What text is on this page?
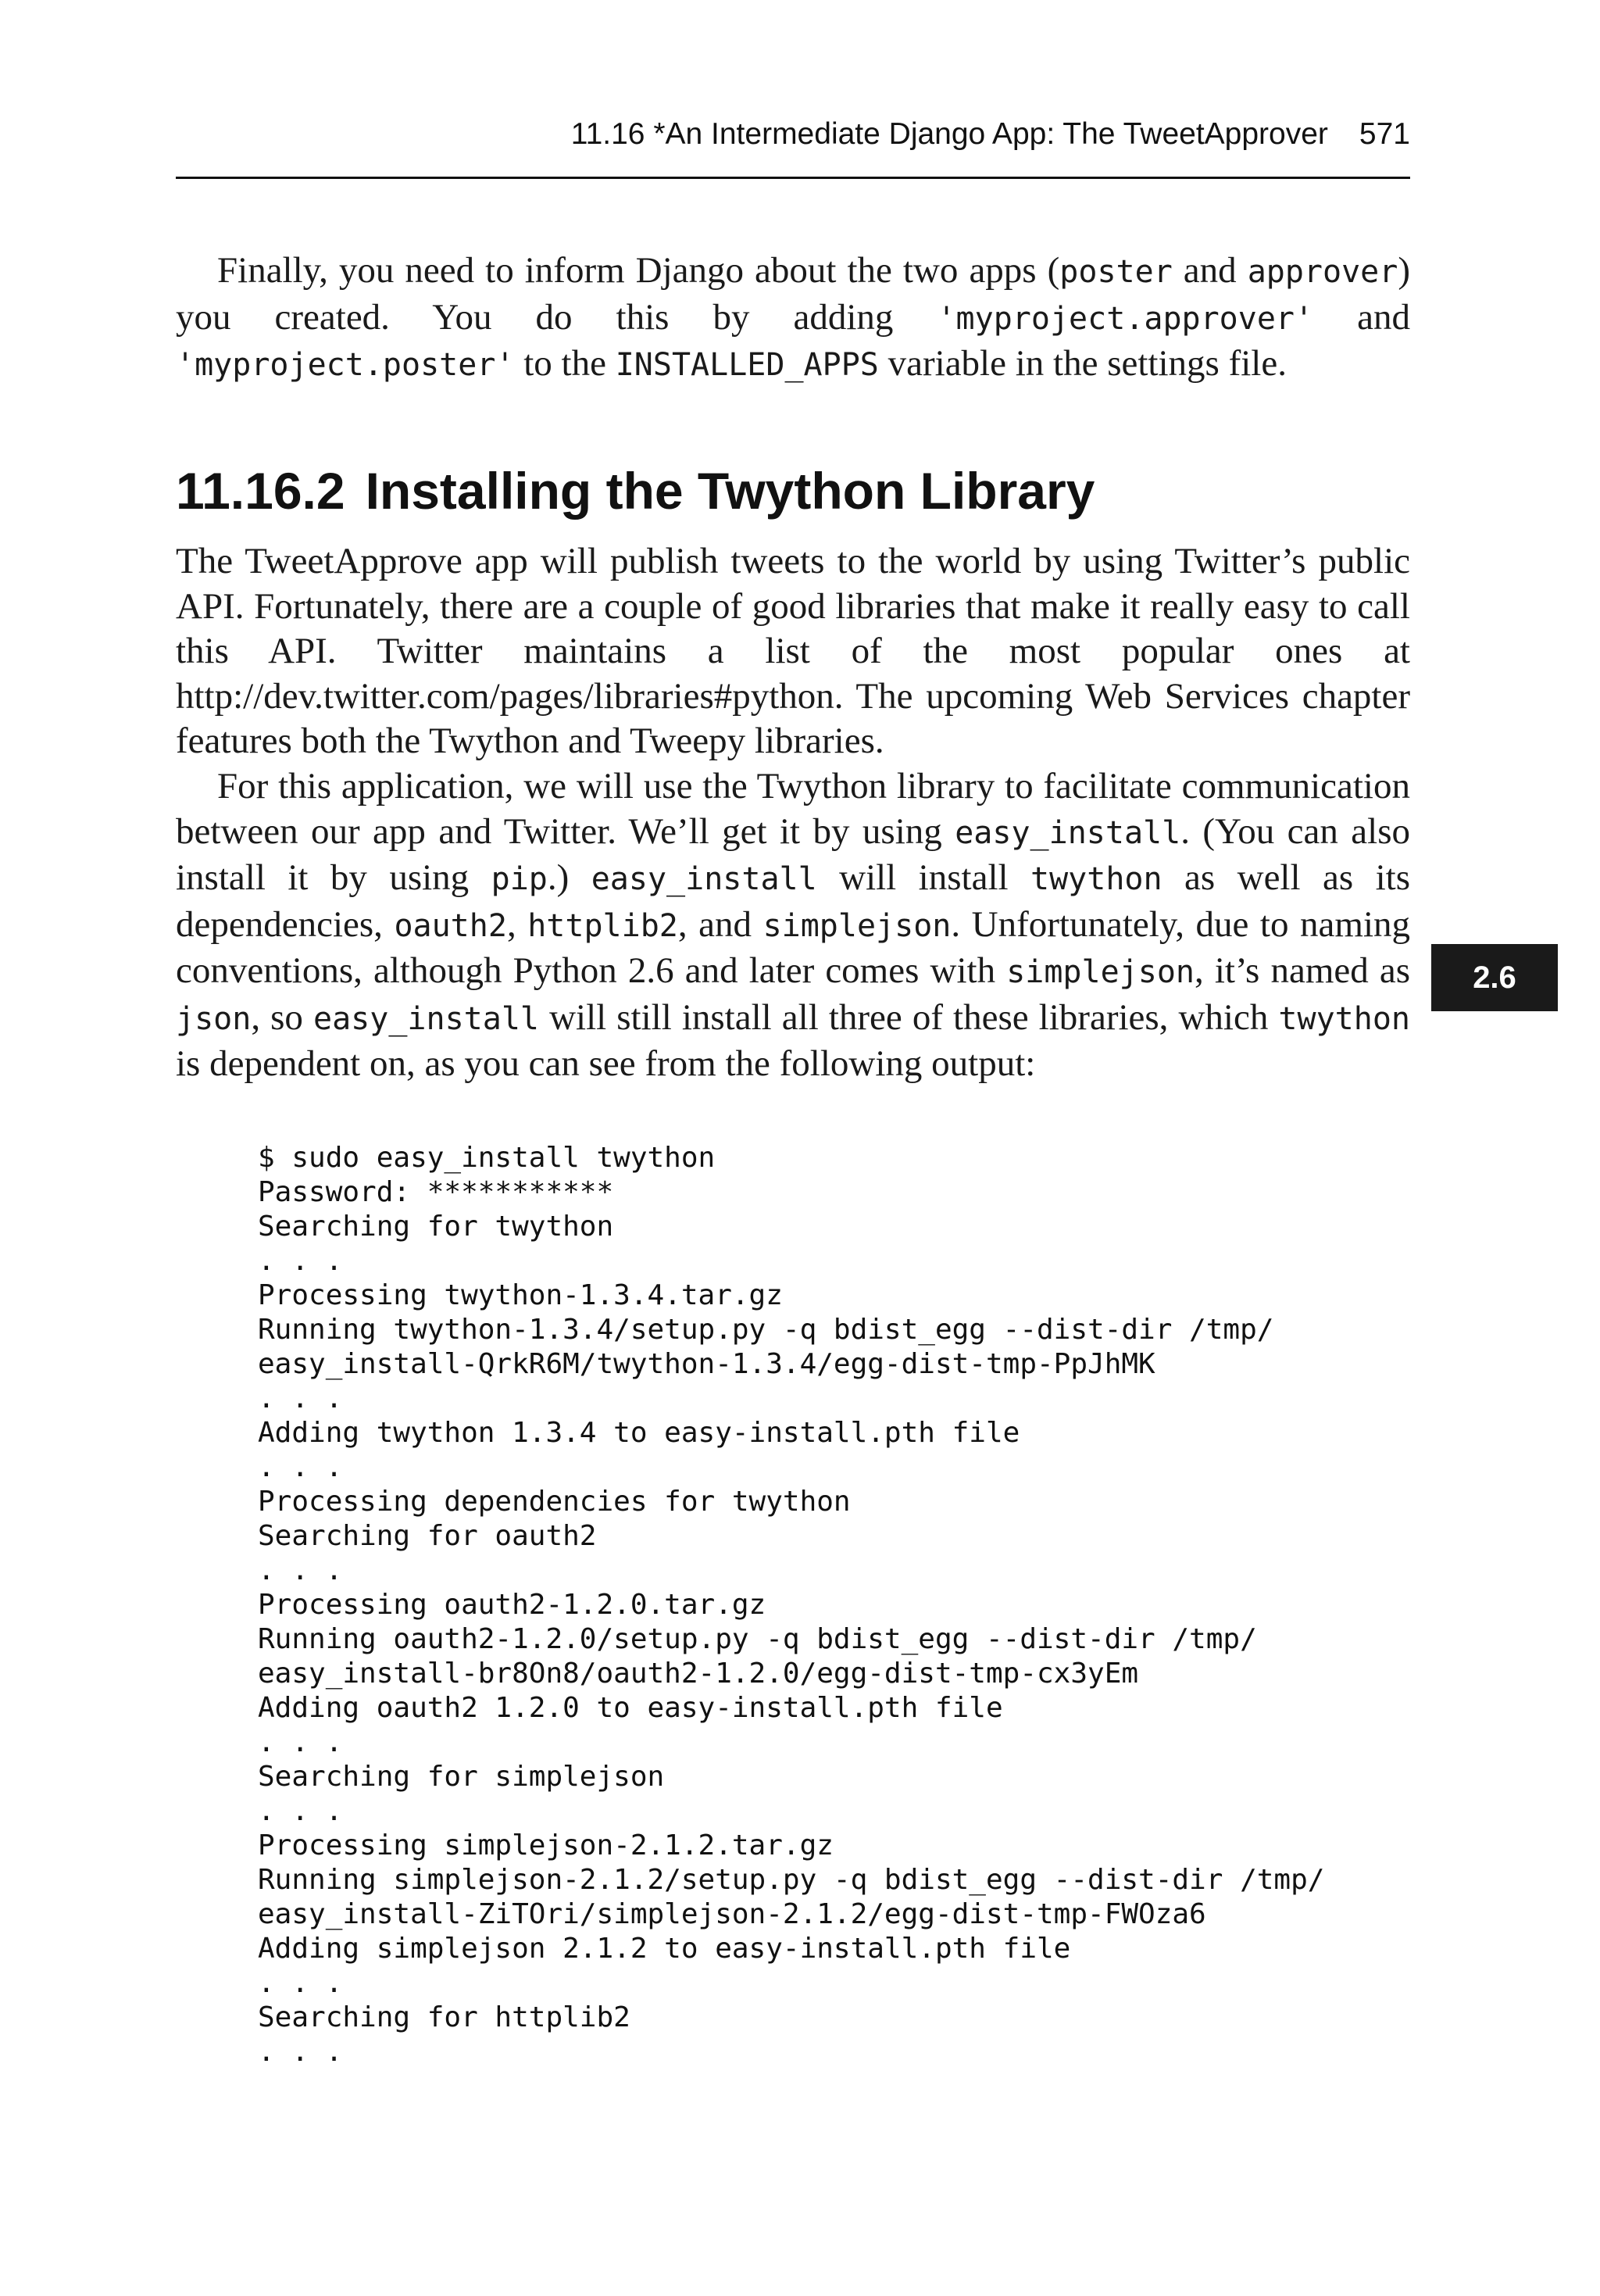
11.16 *An Intermediate Django App: The TweetApprover 571

Finally, you need to inform Django about the two apps (poster and approver) you created. You do this by adding 'myproject.approver' and 'myproject.poster' to the INSTALLED_APPS variable in the settings file.

11.16.2 Installing the Twython Library

The TweetApprove app will publish tweets to the world by using Twitter’s public API. Fortunately, there are a couple of good libraries that make it really easy to call this API. Twitter maintains a list of the most popular ones at http://dev.twitter.com/pages/libraries#python. The upcoming Web Services chapter features both the Twython and Tweepy libraries.

For this application, we will use the Twython library to facilitate communication between our app and Twitter. We’ll get it by using easy_install. (You can also install it by using pip.) easy_install will install twython as well as its dependencies, oauth2, httplib2, and simplejson. Unfortunately, due to naming conventions, although Python 2.6 and later comes with simplejson, it’s named as json, so easy_install will still install all three of these libraries, which twython is dependent on, as you can see from the following output:

$ sudo easy_install twython
Password: ***********
Searching for twython
. . .
Processing twython-1.3.4.tar.gz
Running twython-1.3.4/setup.py -q bdist_egg --dist-dir /tmp/
easy_install-QrkR6M/twython-1.3.4/egg-dist-tmp-PpJhMK
. . .
Adding twython 1.3.4 to easy-install.pth file
. . .
Processing dependencies for twython
Searching for oauth2
. . .
Processing oauth2-1.2.0.tar.gz
Running oauth2-1.2.0/setup.py -q bdist_egg --dist-dir /tmp/
easy_install-br8On8/oauth2-1.2.0/egg-dist-tmp-cx3yEm
Adding oauth2 1.2.0 to easy-install.pth file
. . .
Searching for simplejson
. . .
Processing simplejson-2.1.2.tar.gz
Running simplejson-2.1.2/setup.py -q bdist_egg --dist-dir /tmp/
easy_install-ZiTOri/simplejson-2.1.2/egg-dist-tmp-FWOza6
Adding simplejson 2.1.2 to easy-install.pth file
. . .
Searching for httplib2
. . .
2.6
